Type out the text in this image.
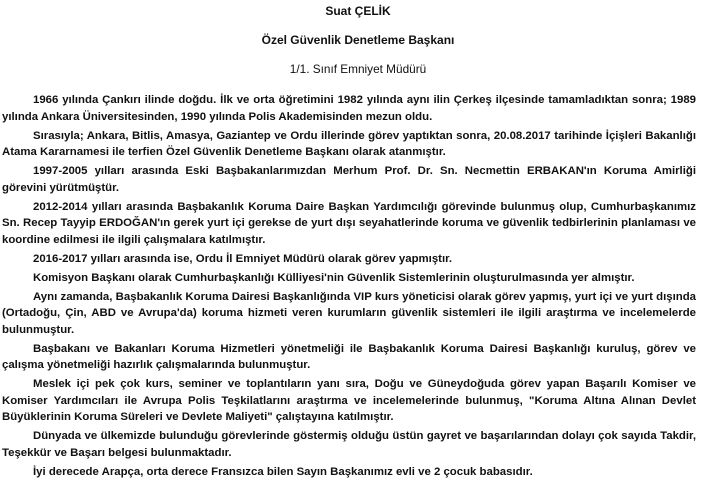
Suat ÇELİK
Özel Güvenlik Denetleme Başkanı
1/1. Sınıf Emniyet Müdürü

1966 yılında Çankırı ilinde doğdu. İlk ve orta öğretimini 1982 yılında aynı ilin Çerkeş ilçesinde tamamladıktan sonra; 1989 yılında Ankara Üniversitesinden, 1990 yılında Polis Akademisinden mezun oldu.

Sırasıyla; Ankara, Bitlis, Amasya, Gaziantep ve Ordu illerinde görev yaptıktan sonra, 20.08.2017 tarihinde İçişleri Bakanlığı Atama Kararnamesi ile terfien Özel Güvenlik Denetleme Başkanı olarak atanmıştır.

1997-2005 yılları arasında Eski Başbakanlarımızdan Merhum Prof. Dr. Sn. Necmettin ERBAKAN'ın Koruma Amirliği görevini yürütmüştür.

2012-2014 yılları arasında Başbakanlık Koruma Daire Başkan Yardımcılığı görevinde bulunmuş olup, Cumhurbaşkanımız Sn. Recep Tayyip ERDOĞAN'ın gerek yurt içi gerekse de yurt dışı seyahatlerinde koruma ve güvenlik tedbirlerinin planlaması ve koordine edilmesi ile ilgili çalışmalara katılmıştır.

2016-2017 yılları arasında ise, Ordu İl Emniyet Müdürü olarak görev yapmıştır.

Komisyon Başkanı olarak Cumhurbaşkanlığı Külliyesi'nin Güvenlik Sistemlerinin oluşturulmasında yer almıştır.

Aynı zamanda, Başbakanlık Koruma Dairesi Başkanlığında VIP kurs yöneticisi olarak görev yapmış, yurt içi ve yurt dışında (Ortadoğu, Çin, ABD ve Avrupa'da) koruma hizmeti veren kurumların güvenlik sistemleri ile ilgili araştırma ve incelemelerde bulunmuştur.

Başbakanı ve Bakanları Koruma Hizmetleri yönetmeliği ile Başbakanlık Koruma Dairesi Başkanlığı kuruluş, görev ve çalışma yönetmeliği hazırlık çalışmalarında bulunmuştur.

Meslek içi pek çok kurs, seminer ve toplantıların yanı sıra, Doğu ve Güneydoğuda görev yapan Başarılı Komiser ve Komiser Yardımcıları ile Avrupa Polis Teşkilatlarını araştırma ve incelemelerinde bulunmuş, "Koruma Altına Alınan Devlet Büyüklerinin Koruma Süreleri ve Devlete Maliyeti" çalıştayına katılmıştır.

Dünyada ve ülkemizde bulunduğu görevlerinde göstermiş olduğu üstün gayret ve başarılarından dolayı çok sayıda Takdir, Teşekkür ve Başarı belgesi bulunmaktadır.

İyi derecede Arapça, orta derece Fransızca bilen Sayın Başkanımız evli ve 2 çocuk babasıdır.
